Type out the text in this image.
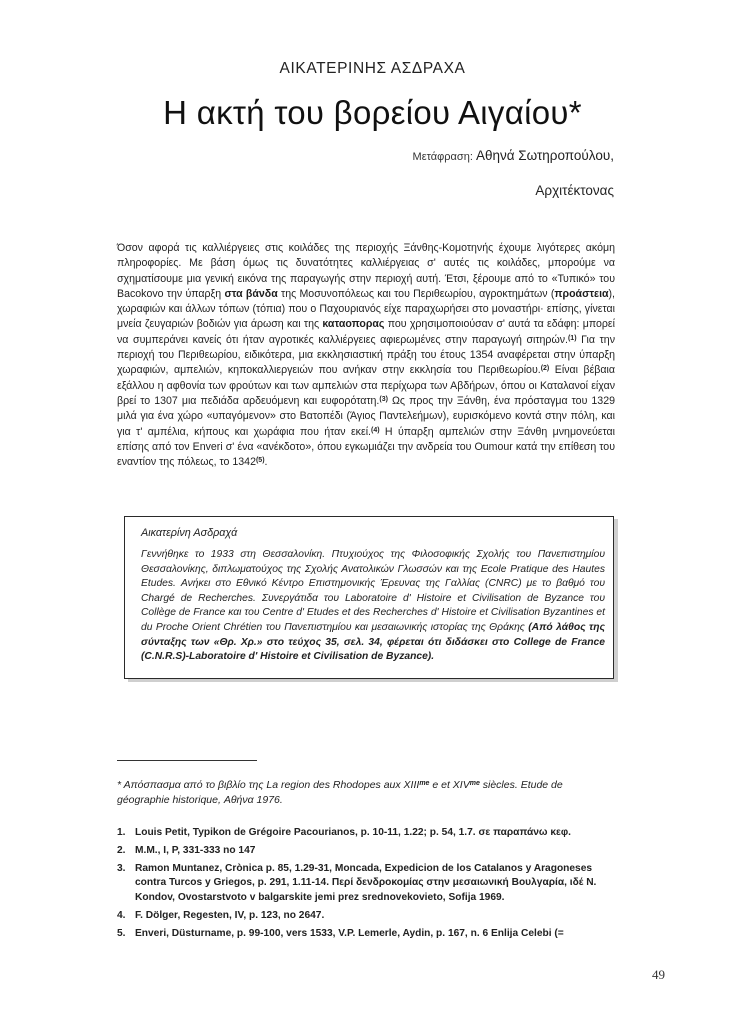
ΑΙΚΑΤΕΡΙΝΗΣ ΑΣΔΡΑΧΑ
Η ακτή του βορείου Αιγαίου*
Μετάφραση: Αθηνά Σωτηροπούλου,
Αρχιτέκτονας
Όσον αφορά τις καλλιέργειες στις κοιλάδες της περιοχής Ξάνθης-Κομοτηνής έχουμε λιγότερες ακόμη πληροφορίες. Με βάση όμως τις δυνατότητες καλλιέργειας σ' αυτές τις κοιλάδες, μπορούμε να σχηματίσουμε μια γενική εικόνα της παραγωγής στην περιοχή αυτή. Έτσι, ξέρουμε από το «Τυπικό» του Bacokovo την ύπαρξη στα βάνδα της Μοσυνοπόλεως και του Περιθεωρίου, αγροκτημάτων (προάστεια), χωραφιών και άλλων τόπων (τόπια) που ο Παχουριανός είχε παραχωρήσει στο μοναστήρι· επίσης, γίνεται μνεία ζευγαριών βοδιών για άρωση και της καταοπορας που χρησιμοποιούσαν σ' αυτά τα εδάφη: μπορεί να συμπεράνει κανείς ότι ήταν αγροτικές καλλιέργειες αφιερωμένες στην παραγωγή σιτηρών.$^{(1)}$ Για την περιοχή του Περιθεωρίου, ειδικότερα, μια εκκλησιαστική πράξη του έτους 1354 αναφέρεται στην ύπαρξη χωραφιών, αμπελιών, κηποκαλλιεργειών που ανήκαν στην εκκλησία του Περιθεωρίου.$^{(2)}$ Είναι βέβαια εξάλλου η αφθονία των φρούτων και των αμπελιών στα περίχωρα των Αβδήρων, όπου οι Καταλανοί είχαν βρεί το 1307 μια πεδιάδα αρδευόμενη και ευφορότατη.$^{(3)}$ Ως προς την Ξάνθη, ένα πρόσταγμα του 1329 μιλά για ένα χώρο «υπαγόμενον» στο Βατοπέδι (Άγιος Παντελεήμων), ευρισκόμενο κοντά στην πόλη, και για τ' αμπέλια, κήπους και χωράφια που ήταν εκεί.$^{(4)}$ Η ύπαρξη αμπελιών στην Ξάνθη μνημονεύεται επίσης από τον Enveri σ' ένα «ανέκδοτο», όπου εγκωμιάζει την ανδρεία του Oumour κατά την επίθεση του εναντίον της πόλεως, το 1342$^{(5)}$.
Αικατερίνη Ασδραχά
Γεννήθηκε το 1933 στη Θεσσαλονίκη. Πτυχιούχος της Φιλοσοφικής Σχολής του Πανεπιστημίου Θεσσαλονίκης, διπλωματούχος της Σχολής Ανατολικών Γλωσσών και της Ecole Pratique des Hautes Etudes. Ανήκει στο Εθνικό Κέντρο Επιστημονικής Έρευνας της Γαλλίας (CNRC) με το βαθμό του Chargé de Recherches. Συνεργάτιδα του Laboratoire d' Histoire et Civilisation de Byzance του Collège de France και του Centre d' Etudes et des Recherches d' Histoire et Civilisation Byzantines et du Proche Orient Chrétien του Πανεπιστημίου και μεσαιωνικής ιστορίας της Θράκης (Από λάθος της σύνταξης των «Θρ. Χρ.» στο τεύχος 35, σελ. 34, φέρεται ότι διδάσκει στο College de France (C.N.R.S)-Laboratoire d' Histoire et Civilisation de Byzance).
* Απόσπασμα από το βιβλίο της La region des Rhodopes aux $XIII^{me}$ e et $XIV^{me}$ siècles. Etude de géographie historique, Αθήνα 1976.
1. Louis Petit, Typikon de Grégoire Pacourianos, p. 10-11, 1.22; p. 54, 1.7. σε παραπάνω κεφ.
2. M.M., I, P, 331-333 no 147
3. Ramon Muntanez, Crònica p. 85, 1.29-31, Moncada, Expedicion de los Catalanos y Aragoneses contra Turcos y Griegos, p. 291, 1.11-14. Περί δενδροκομίας στην μεσαιωνική Βουλγαρία, ιδέ N. Kondov, Ovostarstvoto v balgarskite jemi prez srednovekovieto, Sofija 1969.
4. F. Dölger, Regesten, IV, p. 123, no 2647.
5. Enveri, Düsturname, p. 99-100, vers 1533, V.P. Lemerle, Aydin, p. 167, n. 6 Enlija Celebi (=
49
